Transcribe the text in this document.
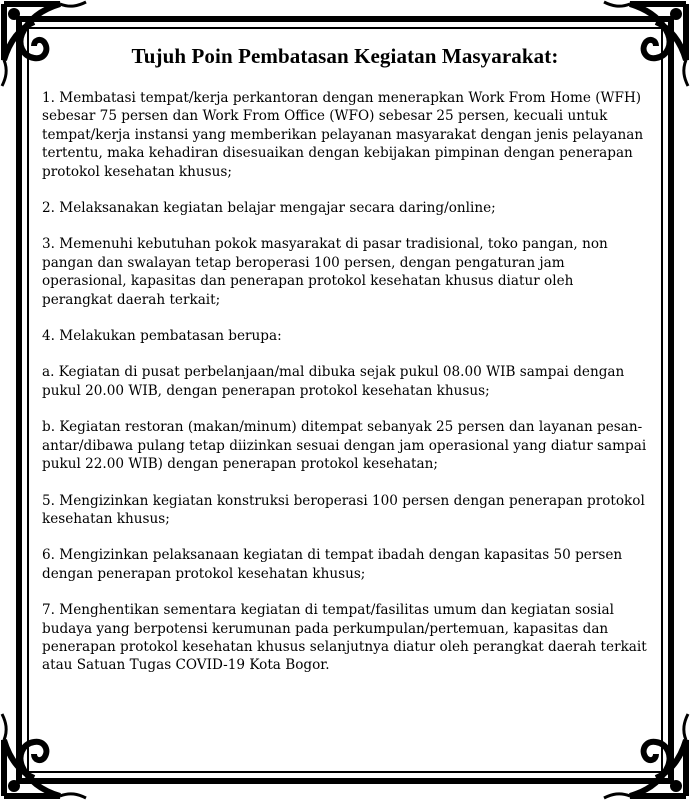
Tujuh Poin Pembatasan Kegiatan Masyarakat:

1. Membatasi tempat/kerja perkantoran dengan menerapkan Work From Home (WFH) sebesar 75 persen dan Work From Office (WFO) sebesar 25 persen, kecuali untuk tempat/kerja instansi yang memberikan pelayanan masyarakat dengan jenis pelayanan tertentu, maka kehadiran disesuaikan dengan kebijakan pimpinan dengan penerapan protokol kesehatan khusus;

2. Melaksanakan kegiatan belajar mengajar secara daring/online;

3. Memenuhi kebutuhan pokok masyarakat di pasar tradisional, toko pangan, non pangan dan swalayan tetap beroperasi 100 persen, dengan pengaturan jam operasional, kapasitas dan penerapan protokol kesehatan khusus diatur oleh perangkat daerah terkait;

4. Melakukan pembatasan berupa:

a. Kegiatan di pusat perbelanjaan/mal dibuka sejak pukul 08.00 WIB sampai dengan pukul 20.00 WIB, dengan penerapan protokol kesehatan khusus;

b. Kegiatan restoran (makan/minum) ditempat sebanyak 25 persen dan layanan pesan-antar/dibawa pulang tetap diizinkan sesuai dengan jam operasional yang diatur sampai pukul 22.00 WIB) dengan penerapan protokol kesehatan;

5. Mengizinkan kegiatan konstruksi beroperasi 100 persen dengan penerapan protokol kesehatan khusus;

6. Mengizinkan pelaksanaan kegiatan di tempat ibadah dengan kapasitas 50 persen dengan penerapan protokol kesehatan khusus;

7. Menghentikan sementara kegiatan di tempat/fasilitas umum dan kegiatan sosial budaya yang berpotensi kerumunan pada perkumpulan/pertemuan, kapasitas dan penerapan protokol kesehatan khusus selanjutnya diatur oleh perangkat daerah terkait atau Satuan Tugas COVID-19 Kota Bogor.
